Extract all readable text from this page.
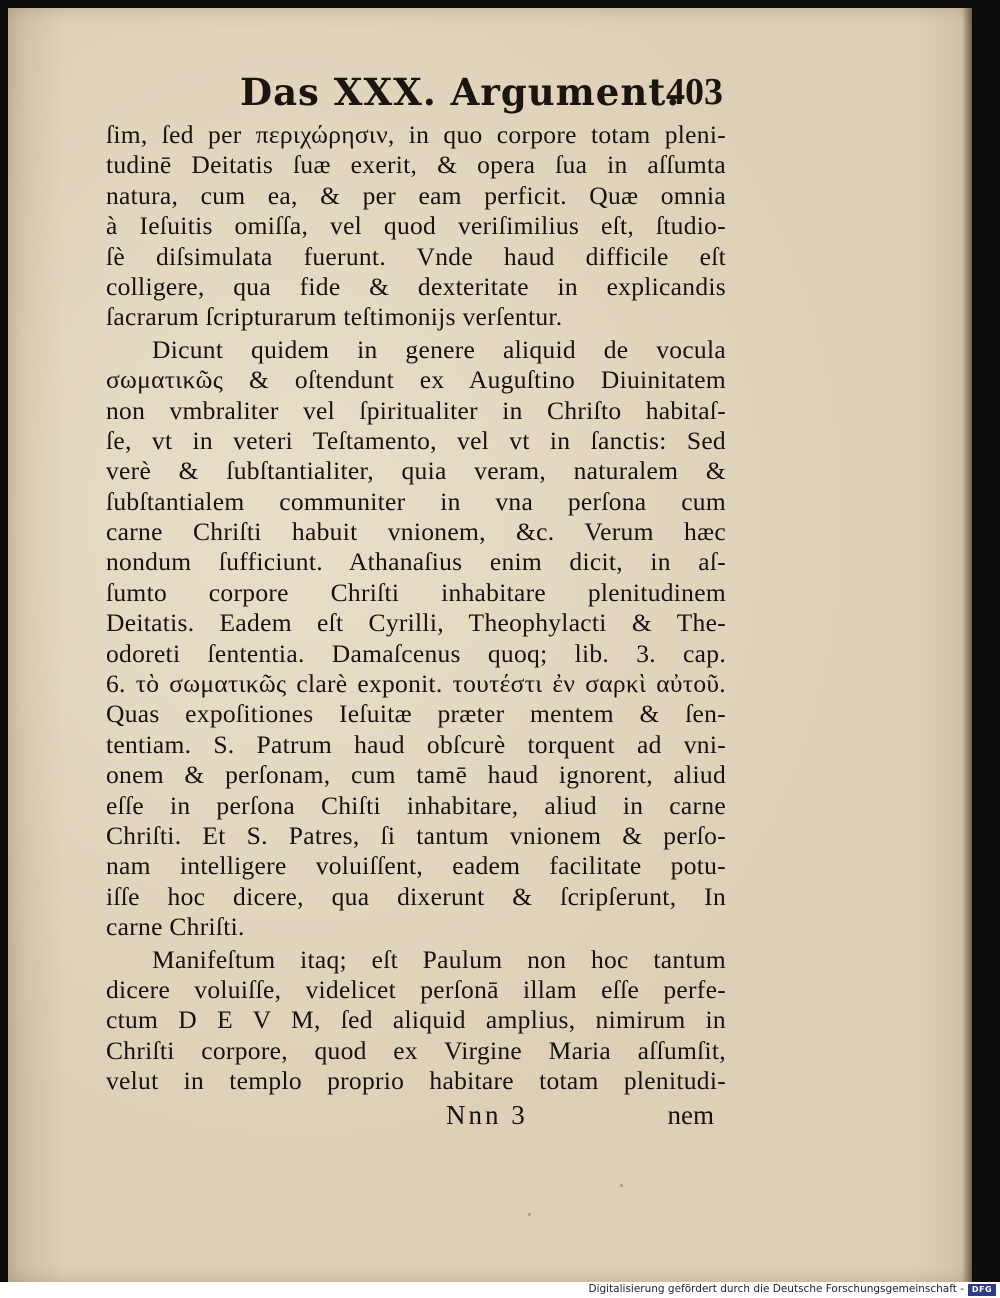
Das XXX. Argument.
403
ſim, ſed per περιχώρησιν, in quo corpore totam pleni-
tudinē Deitatis ſuæ exerit, & opera ſua in aſſumta
natura, cum ea, & per eam perficit. Quæ omnia
à Ieſuitis omiſſa, vel quod veriſimilius eſt, ſtudio-
ſè diſsimulata fuerunt. Vnde haud difficile eſt
colligere, qua fide & dexteritate in explicandis
ſacrarum ſcripturarum teſtimonijs verſentur.
Dicunt quidem in genere aliquid de vocula
σωματικῶς & oſtendunt ex Auguſtino Diuinitatem
non vmbraliter vel ſpiritualiter in Chriſto habitaſ-
ſe, vt in veteri Teſtamento, vel vt in ſanctis: Sed
verè & ſubſtantialiter, quia veram, naturalem &
ſubſtantialem communiter in vna perſona cum
carne Chriſti habuit vnionem, &c. Verum hæc
nondum ſufficiunt. Athanaſius enim dicit, in aſ-
ſumto corpore Chriſti inhabitare plenitudinem
Deitatis. Eadem eſt Cyrilli, Theophylacti & The-
odoreti ſententia. Damaſcenus quoq; lib. 3. cap.
6. τὸ σωματικῶς clarè exponit. τουτέστι ἐν σαρκὶ αὐτοῦ.
Quas expoſitiones Ieſuitæ præter mentem & ſen-
tentiam. S. Patrum haud obſcurè torquent ad vni-
onem & perſonam, cum tamē haud ignorent, aliud
eſſe in perſona Chiſti inhabitare, aliud in carne
Chriſti. Et S. Patres, ſi tantum vnionem & perſo-
nam intelligere voluiſſent, eadem facilitate potu-
iſſe hoc dicere, qua dixerunt & ſcripſerunt, In
carne Chriſti.
Manifeſtum itaq; eſt Paulum non hoc tantum
dicere voluiſſe, videlicet perſonā illam eſſe perfe-
ctum D E V M, ſed aliquid amplius, nimirum in
Chriſti corpore, quod ex Virgine Maria aſſumſit,
velut in templo proprio habitare totam plenitudi-
Nnn 3	nem
Digitalisierung gefördert durch die Deutsche Forschungsgemeinschaft - DFG
